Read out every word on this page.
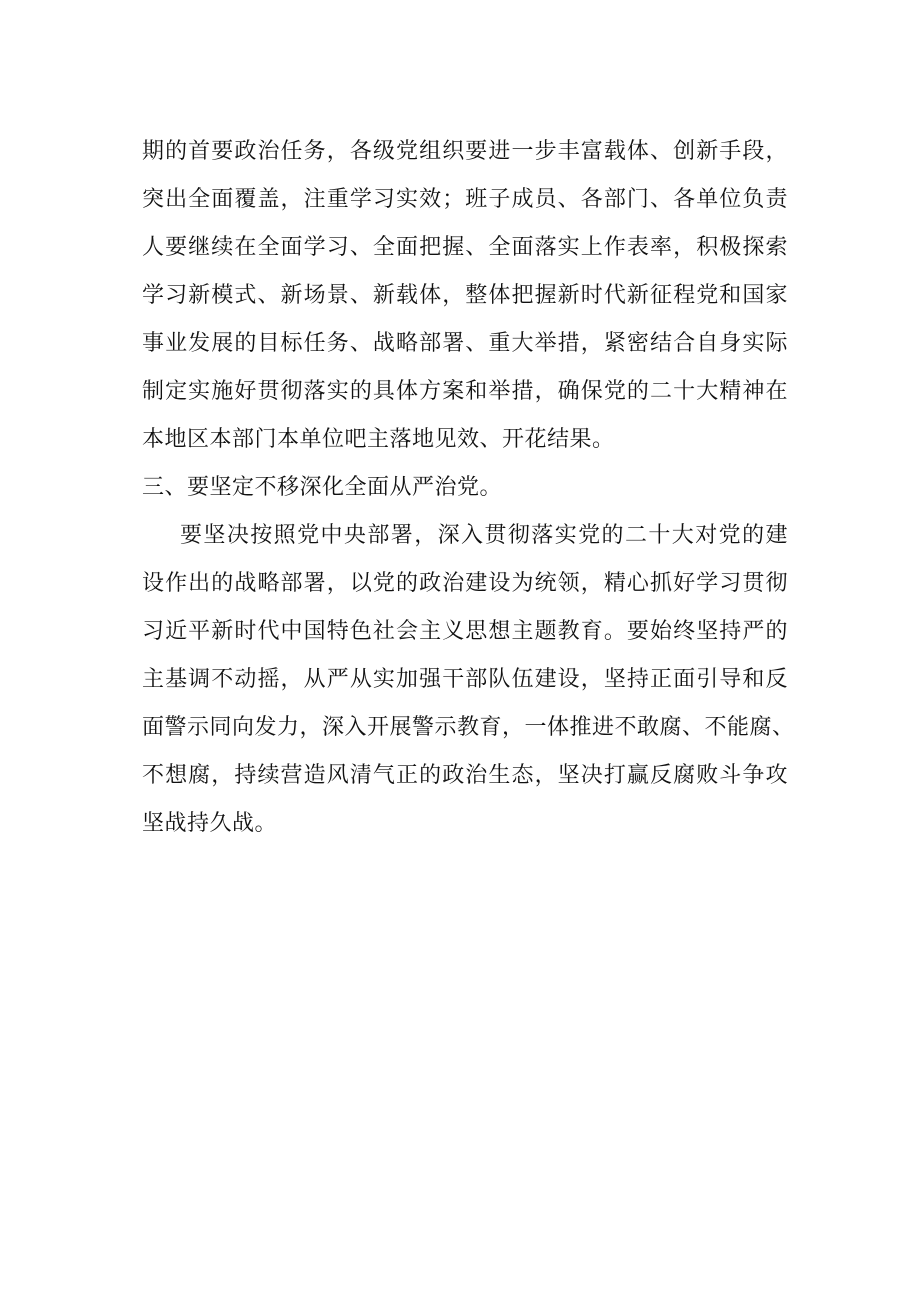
期的首要政治任务，各级党组织要进一步丰富载体、创新手段，
突出全面覆盖，注重学习实效；班子成员、各部门、各单位负责
人要继续在全面学习、全面把握、全面落实上作表率，积极探索
学习新模式、新场景、新载体，整体把握新时代新征程党和国家
事业发展的目标任务、战略部署、重大举措，紧密结合自身实际
制定实施好贯彻落实的具体方案和举措，确保党的二十大精神在
本地区本部门本单位吧主落地见效、开花结果。
三、要坚定不移深化全面从严治党。
要坚决按照党中央部署，深入贯彻落实党的二十大对党的建
设作出的战略部署，以党的政治建设为统领，精心抓好学习贯彻
习近平新时代中国特色社会主义思想主题教育。要始终坚持严的
主基调不动摇，从严从实加强干部队伍建设，坚持正面引导和反
面警示同向发力，深入开展警示教育，一体推进不敢腐、不能腐、
不想腐，持续营造风清气正的政治生态，坚决打赢反腐败斗争攻
坚战持久战。
